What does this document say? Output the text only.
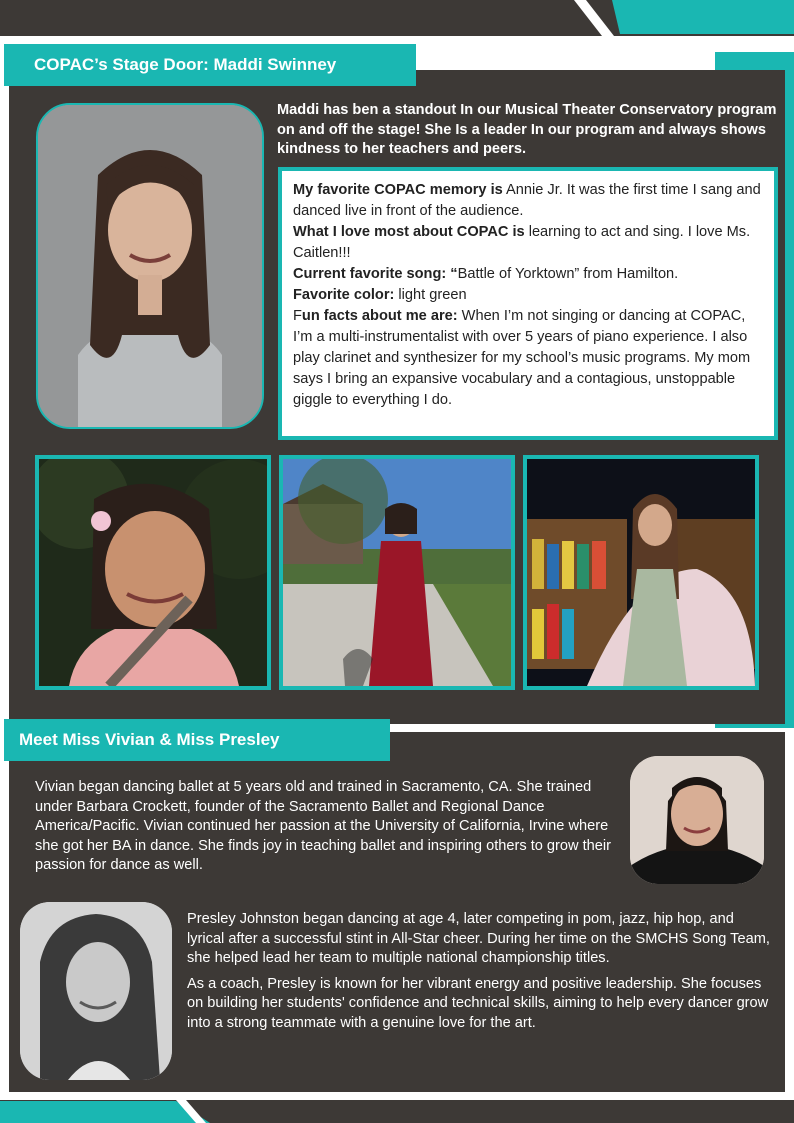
COPAC’s Stage Door: Maddi Swinney
Maddi has ben a standout In our Musical Theater Conservatory program on and off the stage! She Is a leader In our program and always shows kindness to her teachers and peers.
My favorite COPAC memory is Annie Jr. It was the first time I sang and danced live in front of the audience.
What I love most about COPAC is learning to act and sing. I love Ms. Caitlen!!!
Current favorite song: “Battle of Yorktown” from Hamilton.
Favorite color: light green
Fun facts about me are: When I’m not singing or dancing at COPAC, I’m a multi-instrumentalist with over 5 years of piano experience. I also play clarinet and synthesizer for my school’s music programs. My mom says I bring an expansive vocabulary and a contagious, unstoppable giggle to everything I do.
Meet Miss Vivian & Miss Presley
Vivian began dancing ballet at 5 years old and trained in Sacramento, CA. She trained under Barbara Crockett, founder of the Sacramento Ballet and Regional Dance America/Pacific. Vivian continued her passion at the University of California, Irvine where she got her BA in dance. She finds joy in teaching ballet and inspiring others to grow their passion for dance as well.

Presley Johnston began dancing at age 4, later competing in pom, jazz, hip hop, and lyrical after a successful stint in All-Star cheer. During her time on the SMCHS Song Team, she helped lead her team to multiple national championship titles.

As a coach, Presley is known for her vibrant energy and positive leadership. She focuses on building her students' confidence and technical skills, aiming to help every dancer grow into a strong teammate with a genuine love for the art.
